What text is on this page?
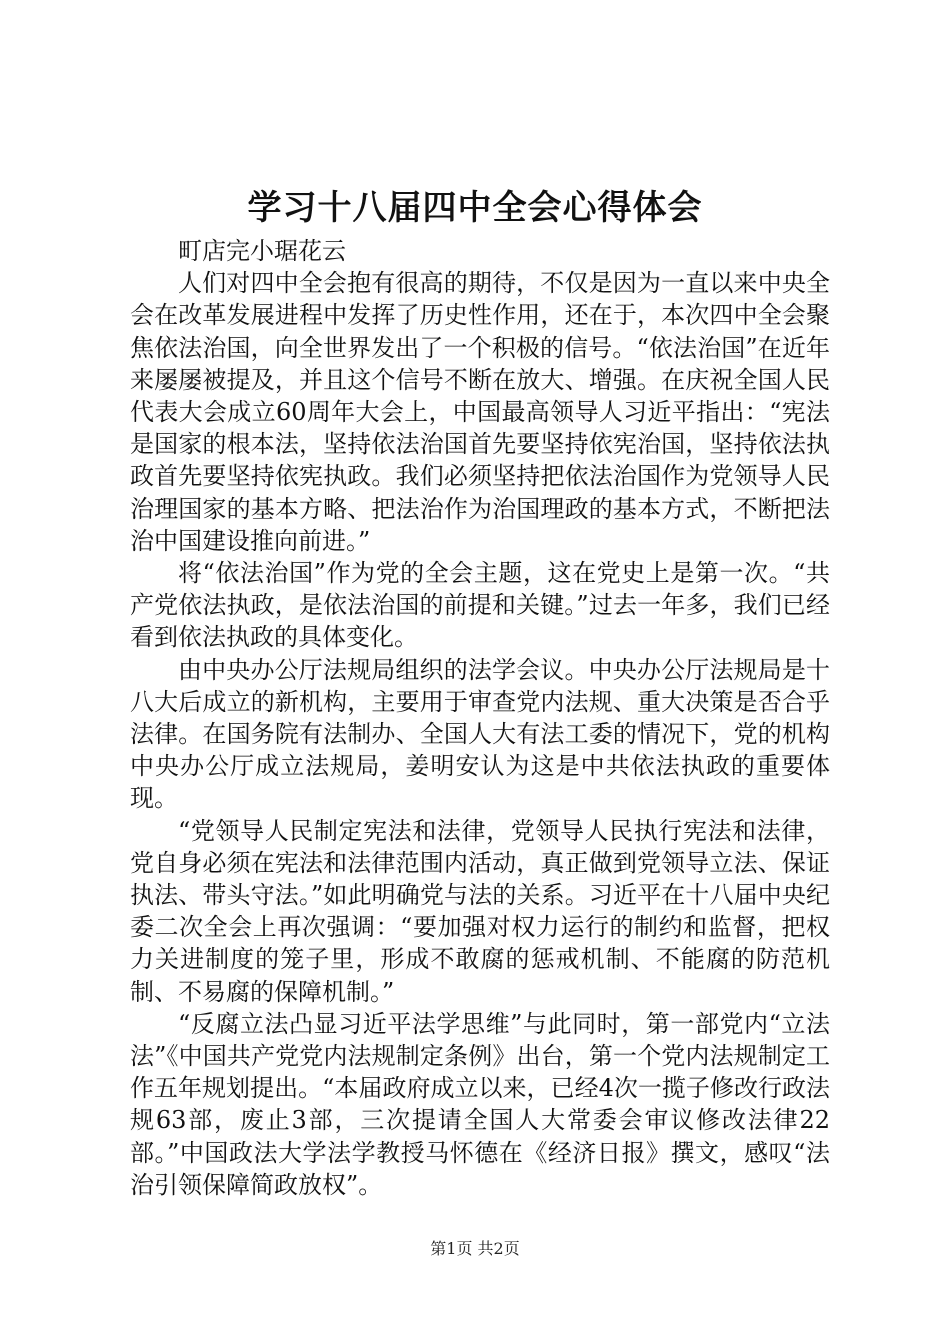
学习十八届四中全会心得体会

町店完小琚花云

人们对四中全会抱有很高的期待，不仅是因为一直以来中央全会在改革发展进程中发挥了历史性作用，还在于，本次四中全会聚焦依法治国，向全世界发出了一个积极的信号。“依法治国”在近年来屡屡被提及，并且这个信号不断在放大、增强。在庆祝全国人民代表大会成立60周年大会上，中国最高领导人习近平指出：“宪法是国家的根本法，坚持依法治国首先要坚持依宪治国，坚持依法执政首先要坚持依宪执政。我们必须坚持把依法治国作为党领导人民治理国家的基本方略、把法治作为治国理政的基本方式，不断把法治中国建设推向前进。”

将“依法治国”作为党的全会主题，这在党史上是第一次。“共产党依法执政，是依法治国的前提和关键。”过去一年多，我们已经看到依法执政的具体变化。

由中央办公厅法规局组织的法学会议。中央办公厅法规局是十八大后成立的新机构，主要用于审查党内法规、重大决策是否合乎法律。在国务院有法制办、全国人大有法工委的情况下，党的机构中央办公厅成立法规局，姜明安认为这是中共依法执政的重要体现。

“党领导人民制定宪法和法律，党领导人民执行宪法和法律，党自身必须在宪法和法律范围内活动，真正做到党领导立法、保证执法、带头守法。”如此明确党与法的关系。习近平在十八届中央纪委二次全会上再次强调：“要加强对权力运行的制约和监督，把权力关进制度的笼子里，形成不敢腐的惩戒机制、不能腐的防范机制、不易腐的保障机制。”

“反腐立法凸显习近平法学思维”与此同时，第一部党内“立法法”《中国共产党党内法规制定条例》出台，第一个党内法规制定工作五年规划提出。“本届政府成立以来，已经4次一揽子修改行政法规63部，废止3部，三次提请全国人大常委会审议修改法律22部。”中国政法大学法学教授马怀德在《经济日报》撰文，感叹“法治引领保障简政放权”。

第1页 共2页
